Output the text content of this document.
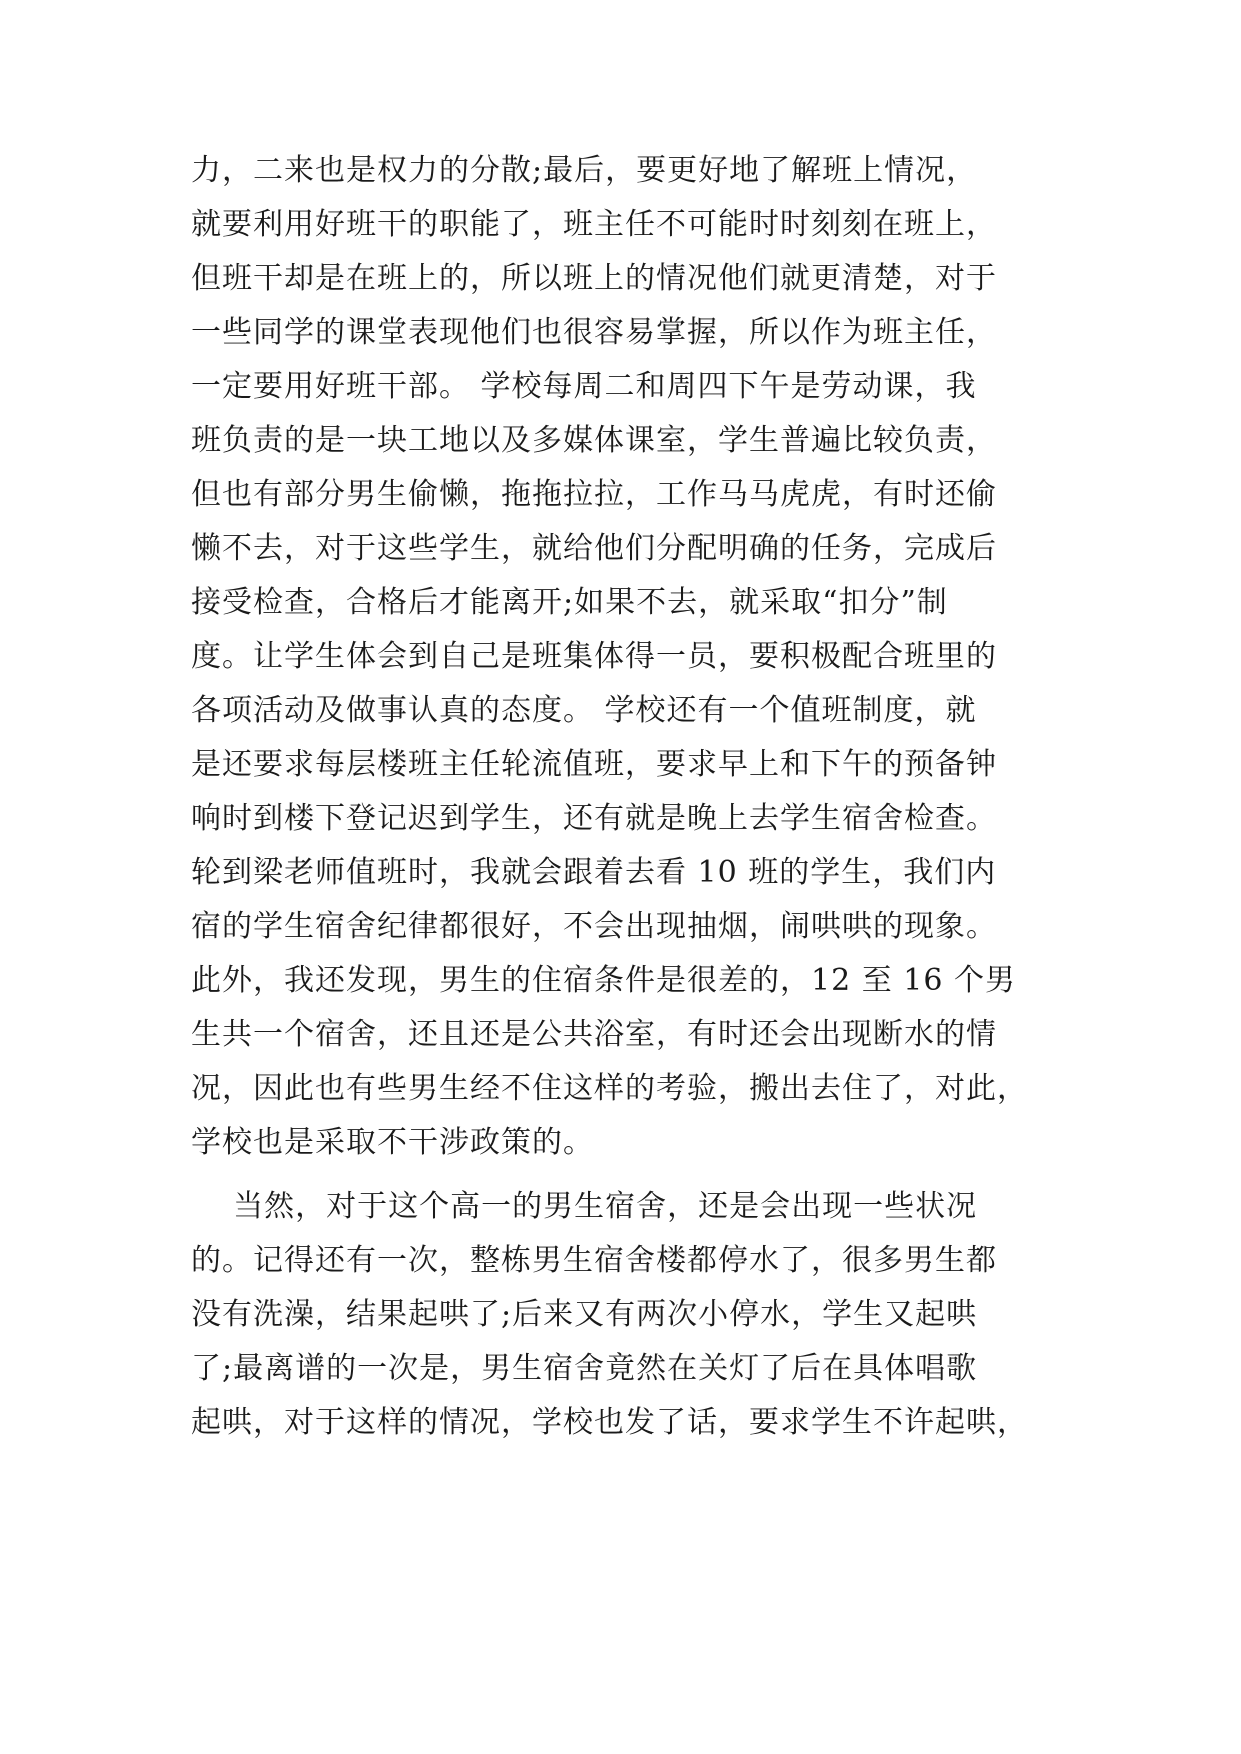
力，二来也是权力的分散;最后，要更好地了解班上情况，
就要利用好班干的职能了，班主任不可能时时刻刻在班上，
但班干却是在班上的，所以班上的情况他们就更清楚，对于
一些同学的课堂表现他们也很容易掌握，所以作为班主任，
一定要用好班干部。 学校每周二和周四下午是劳动课，我
班负责的是一块工地以及多媒体课室，学生普遍比较负责，
但也有部分男生偷懒，拖拖拉拉，工作马马虎虎，有时还偷
懒不去，对于这些学生，就给他们分配明确的任务，完成后
接受检查，合格后才能离开;如果不去，就采取“扣分”制
度。让学生体会到自己是班集体得一员，要积极配合班里的
各项活动及做事认真的态度。 学校还有一个值班制度，就
是还要求每层楼班主任轮流值班，要求早上和下午的预备钟
响时到楼下登记迟到学生，还有就是晚上去学生宿舍检查。
轮到梁老师值班时，我就会跟着去看 10 班的学生，我们内
宿的学生宿舍纪律都很好，不会出现抽烟，闹哄哄的现象。
此外，我还发现，男生的住宿条件是很差的，12 至 16 个男
生共一个宿舍，还且还是公共浴室，有时还会出现断水的情
况，因此也有些男生经不住这样的考验，搬出去住了，对此，
学校也是采取不干涉政策的。
当然，对于这个高一的男生宿舍，还是会出现一些状况
的。记得还有一次，整栋男生宿舍楼都停水了，很多男生都
没有洗澡，结果起哄了;后来又有两次小停水，学生又起哄
了;最离谱的一次是，男生宿舍竟然在关灯了后在具体唱歌
起哄，对于这样的情况，学校也发了话，要求学生不许起哄，
